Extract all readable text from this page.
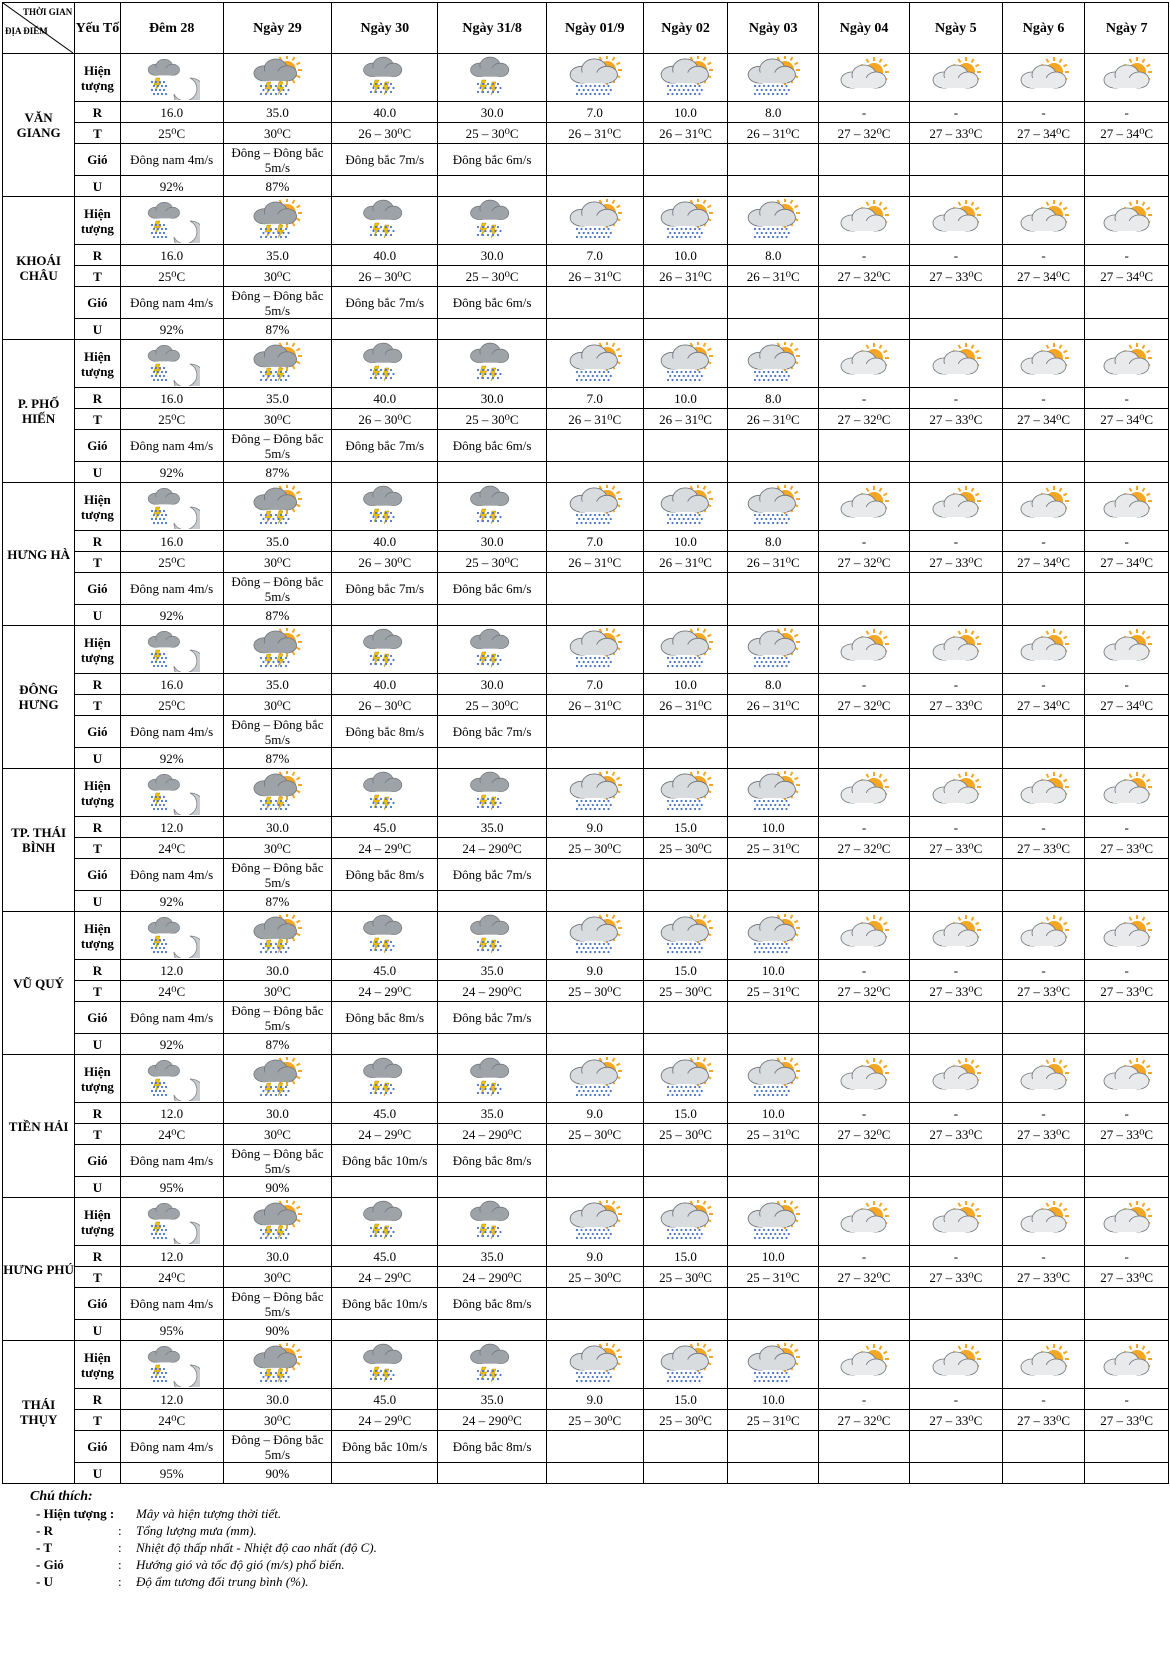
THỜI GIAN
ĐỊA ĐIỂM	Yếu Tố	Đêm 28	Ngày 29	Ngày 30	Ngày 31/8	Ngày 01/9	Ngày 02	Ngày 03	Ngày 04	Ngày 5	Ngày 6	Ngày 7
VĂN GIANG	Hiện tượng	

	R	16.0	35.0	40.0	30.0	7.0	10.0	8.0	-	-	-	-
	T	25⁰C	30⁰C	26 – 30⁰C	25 – 30⁰C	26 – 31⁰C	26 – 31⁰C	26 – 31⁰C	27 – 32⁰C	27 – 33⁰C	27 – 34⁰C	27 – 34⁰C
	Gió	Đông nam 4m/s	Đông – Đông bắc 5m/s	Đông bắc 7m/s	Đông bắc 6m/s							
	U	92%	87%									
KHOÁI CHÂU	Hiện tượng	

	R	16.0	35.0	40.0	30.0	7.0	10.0	8.0	-	-	-	-
	T	25⁰C	30⁰C	26 – 30⁰C	25 – 30⁰C	26 – 31⁰C	26 – 31⁰C	26 – 31⁰C	27 – 32⁰C	27 – 33⁰C	27 – 34⁰C	27 – 34⁰C
	Gió	Đông nam 4m/s	Đông – Đông bắc 5m/s	Đông bắc 7m/s	Đông bắc 6m/s							
	U	92%	87%									
P. PHỐ HIẾN	Hiện tượng	

	R	16.0	35.0	40.0	30.0	7.0	10.0	8.0	-	-	-	-
	T	25⁰C	30⁰C	26 – 30⁰C	25 – 30⁰C	26 – 31⁰C	26 – 31⁰C	26 – 31⁰C	27 – 32⁰C	27 – 33⁰C	27 – 34⁰C	27 – 34⁰C
	Gió	Đông nam 4m/s	Đông – Đông bắc 5m/s	Đông bắc 7m/s	Đông bắc 6m/s							
	U	92%	87%									
HƯNG HÀ	Hiện tượng	

	R	16.0	35.0	40.0	30.0	7.0	10.0	8.0	-	-	-	-
	T	25⁰C	30⁰C	26 – 30⁰C	25 – 30⁰C	26 – 31⁰C	26 – 31⁰C	26 – 31⁰C	27 – 32⁰C	27 – 33⁰C	27 – 34⁰C	27 – 34⁰C
	Gió	Đông nam 4m/s	Đông – Đông bắc 5m/s	Đông bắc 7m/s	Đông bắc 6m/s							
	U	92%	87%									
ĐÔNG HƯNG	Hiện tượng	

	R	16.0	35.0	40.0	30.0	7.0	10.0	8.0	-	-	-	-
	T	25⁰C	30⁰C	26 – 30⁰C	25 – 30⁰C	26 – 31⁰C	26 – 31⁰C	26 – 31⁰C	27 – 32⁰C	27 – 33⁰C	27 – 34⁰C	27 – 34⁰C
	Gió	Đông nam 4m/s	Đông – Đông bắc 5m/s	Đông bắc 8m/s	Đông bắc 7m/s							
	U	92%	87%									
TP. THÁI BÌNH	Hiện tượng	

	R	12.0	30.0	45.0	35.0	9.0	15.0	10.0	-	-	-	-
	T	24⁰C	30⁰C	24 – 29⁰C	24 – 290⁰C	25 – 30⁰C	25 – 30⁰C	25 – 31⁰C	27 – 32⁰C	27 – 33⁰C	27 – 33⁰C	27 – 33⁰C
	Gió	Đông nam 4m/s	Đông – Đông bắc 5m/s	Đông bắc 8m/s	Đông bắc 7m/s							
	U	92%	87%									
VŨ QUÝ	Hiện tượng	

	R	12.0	30.0	45.0	35.0	9.0	15.0	10.0	-	-	-	-
	T	24⁰C	30⁰C	24 – 29⁰C	24 – 290⁰C	25 – 30⁰C	25 – 30⁰C	25 – 31⁰C	27 – 32⁰C	27 – 33⁰C	27 – 33⁰C	27 – 33⁰C
	Gió	Đông nam 4m/s	Đông – Đông bắc 5m/s	Đông bắc 8m/s	Đông bắc 7m/s							
	U	92%	87%									
TIỀN HẢI	Hiện tượng	

	R	12.0	30.0	45.0	35.0	9.0	15.0	10.0	-	-	-	-
	T	24⁰C	30⁰C	24 – 29⁰C	24 – 290⁰C	25 – 30⁰C	25 – 30⁰C	25 – 31⁰C	27 – 32⁰C	27 – 33⁰C	27 – 33⁰C	27 – 33⁰C
	Gió	Đông nam 4m/s	Đông – Đông bắc 5m/s	Đông bắc 10m/s	Đông bắc 8m/s							
	U	95%	90%									
HƯNG PHÚ	Hiện tượng	

	R	12.0	30.0	45.0	35.0	9.0	15.0	10.0	-	-	-	-
	T	24⁰C	30⁰C	24 – 29⁰C	24 – 290⁰C	25 – 30⁰C	25 – 30⁰C	25 – 31⁰C	27 – 32⁰C	27 – 33⁰C	27 – 33⁰C	27 – 33⁰C
	Gió	Đông nam 4m/s	Đông – Đông bắc 5m/s	Đông bắc 10m/s	Đông bắc 8m/s							
	U	95%	90%									
THÁI THỤY	Hiện tượng	

	R	12.0	30.0	45.0	35.0	9.0	15.0	10.0	-	-	-	-
	T	24⁰C	30⁰C	24 – 29⁰C	24 – 290⁰C	25 – 30⁰C	25 – 30⁰C	25 – 31⁰C	27 – 32⁰C	27 – 33⁰C	27 – 33⁰C	27 – 33⁰C
	Gió	Đông nam 4m/s	Đông – Đông bắc 5m/s	Đông bắc 10m/s	Đông bắc 8m/s							
	U	95%	90%									
Chú thích:
- Hiện tượng : Mây và hiện tượng thời tiết.
- R	:	Tổng lượng mưa (mm).
- T	:	Nhiệt độ thấp nhất - Nhiệt độ cao nhất (độ C).
- Gió	:	Hướng gió và tốc độ gió (m/s) phổ biến.
- U	:	Độ ẩm tương đối trung bình (%).
